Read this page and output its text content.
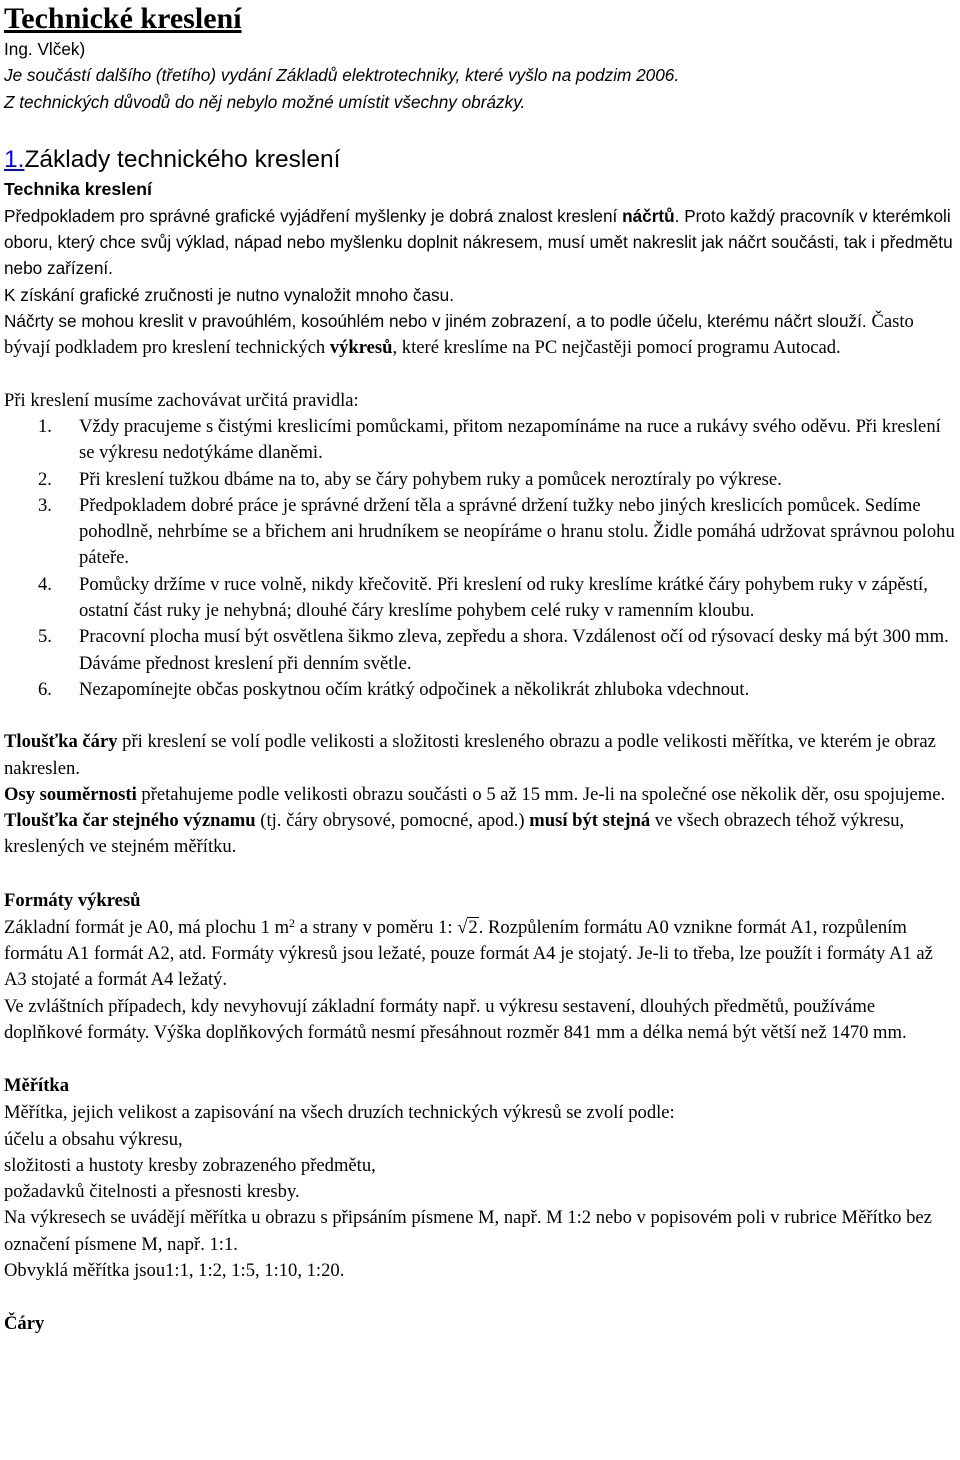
Technické kreslení
Ing. Vlček)
Je součástí dalšího (třetího) vydání Základů elektrotechniky, které vyšlo na podzim 2006.
Z technických důvodů do něj nebylo možné umístit všechny obrázky.
1.Základy technického kreslení
Technika kreslení

Předpokladem pro správné grafické vyjádření myšlenky je dobrá znalost kreslení náčrtů. Proto každý pracovník v kterémkoli oboru, který chce svůj výklad, nápad nebo myšlenku doplnit nákresem, musí umět nakreslit jak náčrt součásti, tak i předmětu nebo zařízení.

K získání grafické zručnosti je nutno vynaložit mnoho času.

Náčrty se mohou kreslit v pravoúhlém, kosoúhlém nebo v jiném zobrazení, a to podle účelu, kterému náčrt slouží. Často bývají podkladem pro kreslení technických výkresů, které kreslíme na PC nejčastěji pomocí programu Autocad.

Při kreslení musíme zachovávat určitá pravidla:

1.	Vždy pracujeme s čistými kreslicími pomůckami, přitom nezapomínáme na ruce a rukávy svého oděvu. Při kreslení se výkresu nedotýkáme dlaněmi.
2.	Při kreslení tužkou dbáme na to, aby se čáry pohybem ruky a pomůcek neroztíraly po výkrese.
3.	Předpokladem dobré práce je správné držení těla a správné držení tužky nebo jiných kreslicích pomůcek. Sedíme pohodlně, nehrbíme se a břichem ani hrudníkem se neopíráme o hranu stolu. Židle pomáhá udržovat správnou polohu páteře.
4.	Pomůcky držíme v ruce volně, nikdy křečovitě. Při kreslení od ruky kreslíme krátké čáry pohybem ruky v zápěstí, ostatní část ruky je nehybná; dlouhé čáry kreslíme pohybem celé ruky v ramenním kloubu.
5.	Pracovní plocha musí být osvětlena šikmo zleva, zepředu a shora. Vzdálenost očí od rýsovací desky má být 300 mm. Dáváme přednost kreslení při denním světle.
6.	Nezapomínejte občas poskytnou očím krátký odpočinek a několikrát zhluboka vdechnout.

Tloušťka čáry při kreslení se volí podle velikosti a složitosti kresleného obrazu a podle velikosti měřítka, ve kterém je obraz nakreslen.

Osy souměrnosti přetahujeme podle velikosti obrazu součásti o 5 až 15 mm. Je-li na společné ose několik děr, osu spojujeme.

Tloušťka čar stejného významu (tj. čáry obrysové, pomocné, apod.) musí být stejná ve všech obrazech téhož výkresu, kreslených ve stejném měřítku.

Formáty výkresů

Základní formát je A0, má plochu 1 $m^2$ a strany v poměru 1: √2. Rozpůlením formátu A0 vznikne formát A1, rozpůlením formátu A1 formát A2, atd. Formáty výkresů jsou ležaté, pouze formát A4 je stojatý. Je-li to třeba, lze použít i formáty A1 až A3 stojaté a formát A4 ležatý.

Ve zvláštních případech, kdy nevyhovují základní formáty např. u výkresu sestavení, dlouhých předmětů, používáme doplňkové formáty. Výška doplňkových formátů nesmí přesáhnout rozměr 841 mm a délka nemá být větší než 1470 mm.

Měřítka

Měřítka, jejich velikost a zapisování na všech druzích technických výkresů se zvolí podle:

účelu a obsahu výkresu,

složitosti a hustoty kresby zobrazeného předmětu,

požadavků čitelnosti a přesnosti kresby.

Na výkresech se uvádějí měřítka u obrazu s připsáním písmene M, např. M 1:2 nebo v popisovém poli v rubrice Měřítko bez označení písmene M, např. 1:1.

Obvyklá měřítka jsou1:1, 1:2, 1:5, 1:10, 1:20.

Čáry
